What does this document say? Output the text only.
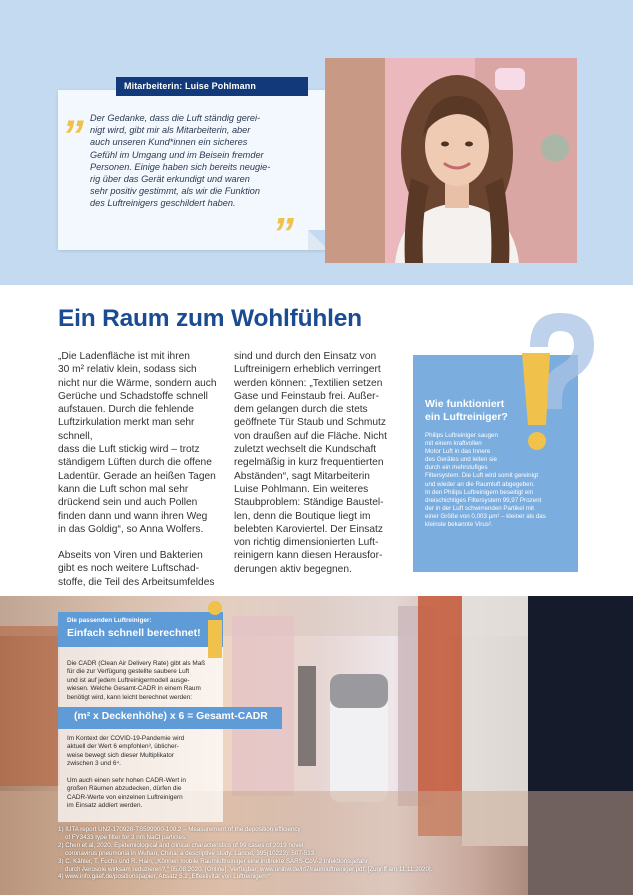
Mitarbeiterin: Luise Pohlmann
„
”
Der Gedanke, dass die Luft ständig gerei-
nigt wird, gibt mir als Mitarbeiterin, aber
auch unseren Kund*innen ein sicheres
Gefühl im Umgang und im Beisein fremder
Personen. Einige haben sich bereits neugie-
rig über das Gerät erkundigt und waren
sehr positiv gestimmt, als wir die Funktion
des Luftreinigers geschildert haben.
Ein Raum zum Wohlfühlen

„Die Ladenfläche ist mit ihren
30 m² relativ klein, sodass sich
nicht nur die Wärme, sondern auch
Gerüche und Schadstoffe schnell
aufstauen. Durch die fehlende
Luftzirkulation merkt man sehr schnell,
dass die Luft stickig wird – trotz
ständigem Lüften durch die offene
Ladentür. Gerade an heißen Tagen
kann die Luft schon mal sehr
drückend sein und auch Pollen
finden dann und wann ihren Weg
in das Goldig“, so Anna Wolfers.

Abseits von Viren und Bakterien
gibt es noch weitere Luftschad-
stoffe, die Teil des Arbeitsumfeldes

sind und durch den Einsatz von
Luftreinigern erheblich verringert
werden können: „Textilien setzen
Gase und Feinstaub frei. Außer-
dem gelangen durch die stets
geöffnete Tür Staub und Schmutz
von draußen auf die Fläche. Nicht
zuletzt wechselt die Kundschaft
regelmäßig in kurz frequentierten
Abständen“, sagt Mitarbeiterin
Luise Pohlmann. Ein weiteres
Staubproblem: Ständige Baustel-
len, denn die Boutique liegt im
belebten Karoviertel. Der Einsatz
von richtig dimensionierten Luft-
reinigern kann diesen Herausfor-
derungen aktiv begegnen.

Wie funktioniert
ein Luftreiniger?
Philips Luftreiniger saugen
mit einem kraftvollen
Motor Luft in das Innere
des Gerätes und leiten sie
durch ein mehrstufiges
Filtersystem. Die Luft wird somit gereinigt
und wieder an die Raumluft abgegeben.
In den Philips Luftreinigern beseitigt ein
dreischichtiges Filtersystem 99,97 Prozent
der in der Luft schwirrenden Partikel mit
einer Größe von 0,003 µm¹ – kleiner als das
kleinste bekannte Virus².
Die passenden Luftreiniger:
Einfach schnell berechnet!
Die CADR (Clean Air Delivery Rate) gibt als Maß
für die zur Verfügung gestellte saubere Luft
und ist auf jedem Luftreinigermodell ausge-
wiesen. Welche Gesamt-CADR in einem Raum
benötigt wird, kann leicht berechnet werden:
(m² x Deckenhöhe) x 6 = Gesamt-CADR
Im Kontext der COVID-19-Pandemie wird
aktuell der Wert 6 empfohlen³, üblicher-
weise bewegt sich dieser Multiplikator
zwischen 3 und 6⁴.
Um auch einen sehr hohen CADR-Wert in
großen Räumen abzudecken, dürfen die
CADR-Werte von einzelnen Luftreinigern
im Einsatz addiert werden.
1) IUTA report UN2-170928-TS599900-100.2 – Measurement of the deposition efficiency
of FY3433 type filter for 3 nm NaCl particles.
2) Chen et al, 2020. Epidemiological and clinical characteristics of 99 cases of 2019 novel
coronavirus pneumonia in Wuhan, China: a descriptive study. Lancet, 395(10223): 507-513.
3) C. Kähler, T. Fuchs und R. Hain, „Können mobile Raumluftreiniger eine indirekte SARS-CoV-2 Infektionsgefahr
durch Aerosole wirksam reduzieren?,“ 05.08.2020. [Online]. Verfügbar: www.unibw.de/lrt7/raumluftreiniger.pdf. [Zugriff am 11.11.2020].
4) www.info.gaef.de/positionspapier, Absatz 5.2 „Effektivität von Luftreinigern“
